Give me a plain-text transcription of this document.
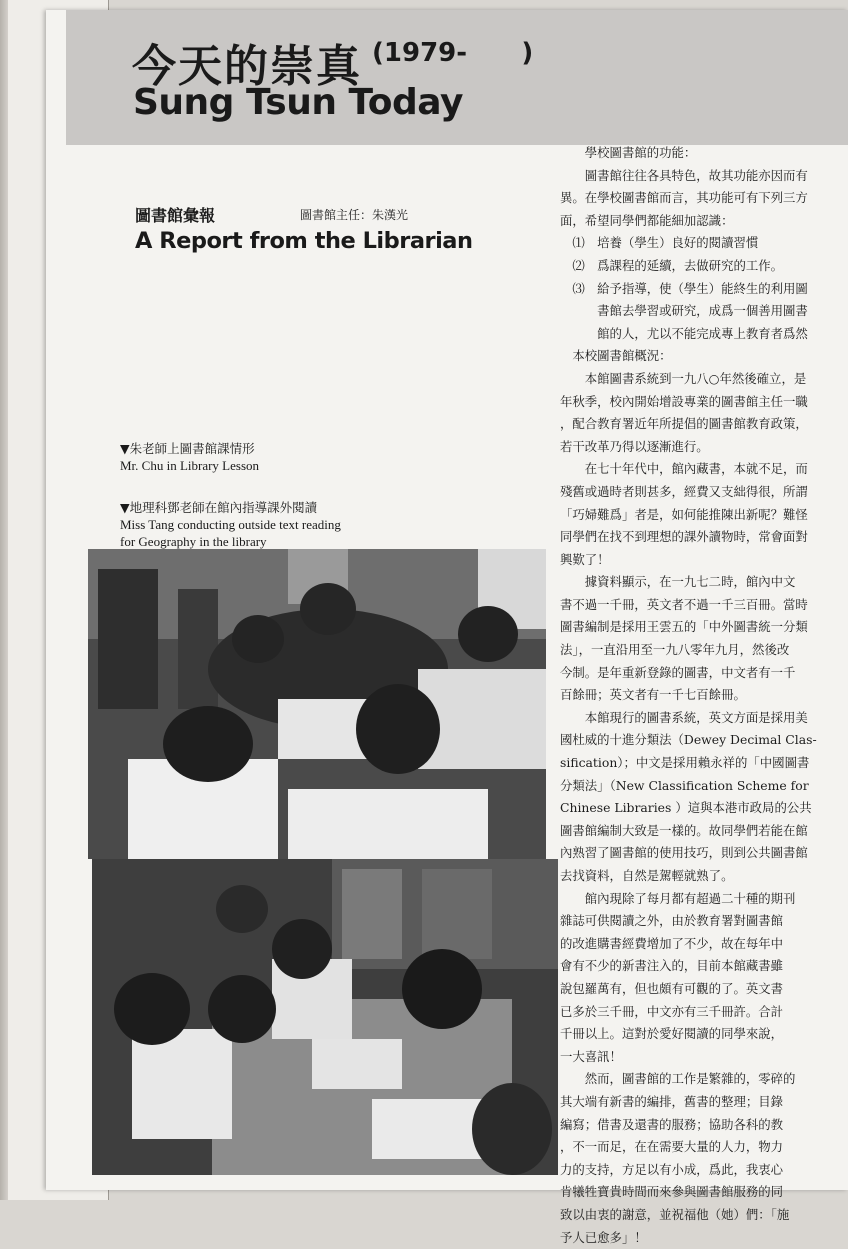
今天的崇真 (1979-      )
Sung Tsun Today
圖書館彙報	圖書館主任：朱漢光
A Report from the Librarian
▼朱老師上圖書館課情形
Mr. Chu in Library Lesson
▼地理科鄧老師在館內指導課外閱讀
Miss Tang conducting outside text reading
for Geography in the library
　　學校圖書館的功能：
　　圖書館往往各具特色，故其功能亦因而有
異。在學校圖書館而言，其功能可有下列三方
面，希望同學們都能細加認識：
　⑴　培養（學生）良好的閱讀習慣
　⑵　爲課程的延續，去做研究的工作。
　⑶　給予指導，使（學生）能終生的利用圖
　　　書館去學習或研究，成爲一個善用圖書
　　　館的人，尤以不能完成專上教育者爲然
　本校圖書館概況：
　　本館圖書系統到一九八○年然後確立，是
年秋季，校內開始增設專業的圖書館主任一職
，配合教育署近年所提倡的圖書館教育政策，
若干改革乃得以逐漸進行。
　　在七十年代中，館內藏書，本就不足，而
殘舊或過時者則甚多，經費又支絀得很，所謂
「巧婦難爲」者是，如何能推陳出新呢？難怪
同學們在找不到理想的課外讀物時，常會面對
興歎了！
　　據資料顯示，在一九七二時，館內中文
書不過一千冊，英文者不過一千三百冊。當時
圖書編制是採用王雲五的「中外圖書統一分類
法」，一直沿用至一九八零年九月，然後改
今制。是年重新登錄的圖書，中文者有一千
百餘冊；英文者有一千七百餘冊。
　　本館現行的圖書系統，英文方面是採用美
國杜威的十進分類法（Dewey Decimal Clas-
sification）；中文是採用賴永祥的「中國圖書
分類法」（New Classification Scheme for
Chinese Libraries ）這與本港市政局的公共
圖書館編制大致是一樣的。故同學們若能在館
內熟習了圖書館的使用技巧，則到公共圖書館
去找資料，自然是駕輕就熟了。
　　館內現除了每月都有超過二十種的期刊
雜誌可供閱讀之外，由於教育署對圖書館
的改進購書經費增加了不少，故在每年中
會有不少的新書注入的，目前本館藏書雖
說包羅萬有，但也頗有可觀的了。英文書
已多於三千冊，中文亦有三千冊許。合計
千冊以上。這對於愛好閱讀的同學來說，
一大喜訊！
　　然而，圖書館的工作是繁雜的，零碎的
其大端有新書的編排，舊書的整理；目錄
編寫；借書及還書的服務；協助各科的教
，不一而足，在在需要大量的人力，物力
力的支持，方足以有小成，爲此，我衷心
肯犧牲寶貴時間而來參與圖書館服務的同
致以由衷的謝意，並祝福他（她）們：「施
予人已愈多」！
